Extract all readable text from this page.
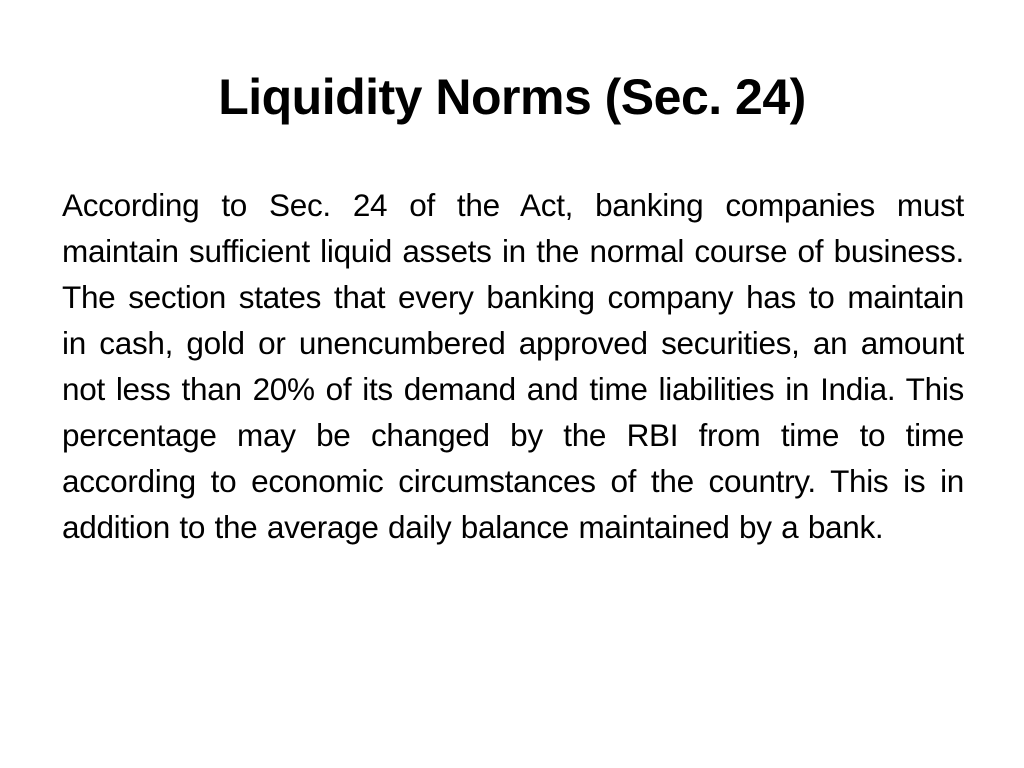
Liquidity Norms (Sec. 24)

According to Sec. 24 of the Act, banking companies must maintain sufficient liquid assets in the normal course of business. The section states that every banking company has to maintain in cash, gold or unencumbered approved securities, an amount not less than 20% of its demand and time liabilities in India. This percentage may be changed by the RBI from time to time according to economic circumstances of the country. This is in addition to the average daily balance maintained by a bank.
